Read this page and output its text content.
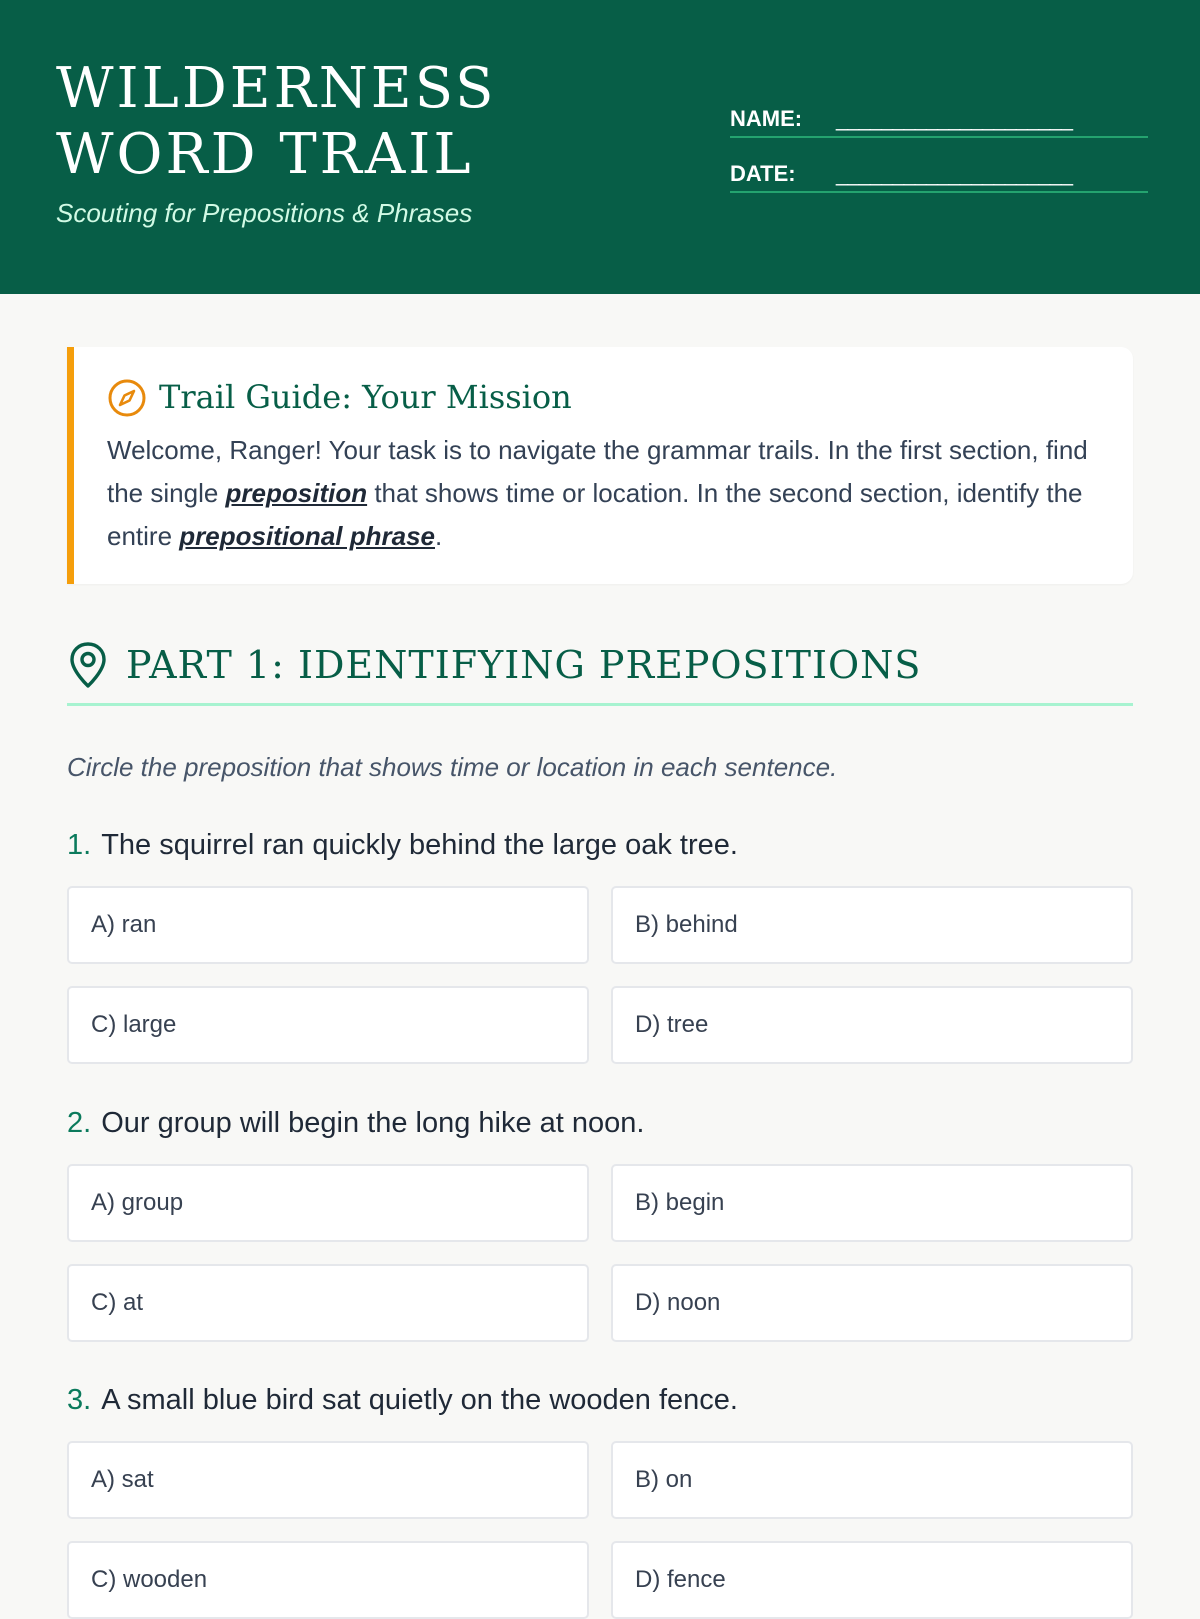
WILDERNESS WORD TRAIL
Scouting for Prepositions & Phrases
NAME: _____________________
DATE: _____________________
Trail Guide: Your Mission
Welcome, Ranger! Your task is to navigate the grammar trails. In the first section, find the single preposition that shows time or location. In the second section, identify the entire prepositional phrase.
PART 1: IDENTIFYING PREPOSITIONS
Circle the preposition that shows time or location in each sentence.
1. The squirrel ran quickly behind the large oak tree.
A) ran	B) behind
C) large	D) tree
2. Our group will begin the long hike at noon.
A) group	B) begin
C) at	D) noon
3. A small blue bird sat quietly on the wooden fence.
A) sat	B) on
C) wooden	D) fence
